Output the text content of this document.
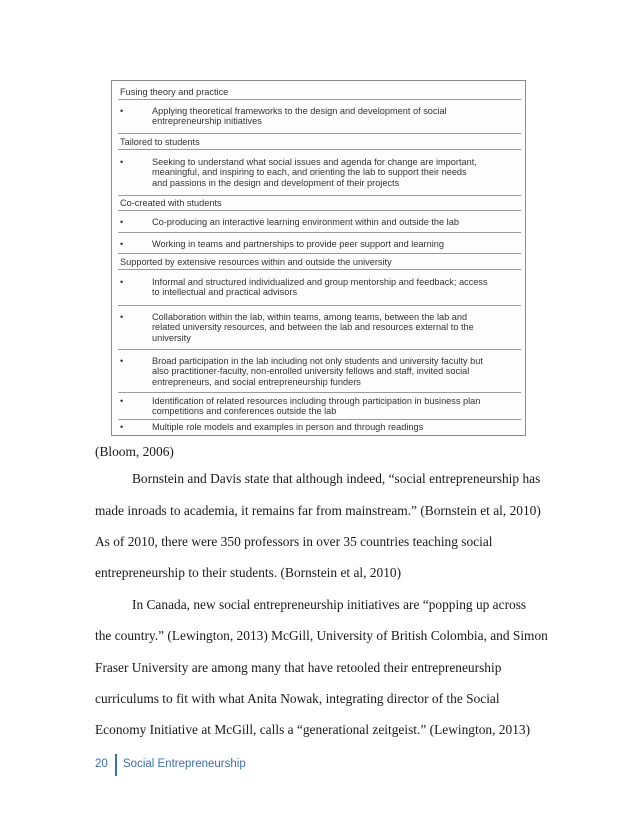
Fusing theory and practice
•	Applying theoretical frameworks to the design and development of social
entrepreneurship initiatives
Tailored to students
•	Seeking to understand what social issues and agenda for change are important,
meaningful, and inspiring to each, and orienting the lab to support their needs
and passions in the design and development of their projects
Co-created with students
•	Co-producing an interactive learning environment within and outside the lab
•	Working in teams and partnerships to provide peer support and learning
Supported by extensive resources within and outside the university
•	Informal and structured individualized and group mentorship and feedback; access
to intellectual and practical advisors
•	Collaboration within the lab, within teams, among teams, between the lab and
related university resources, and between the lab and resources external to the
university
•	Broad participation in the lab including not only students and university faculty but
also practitioner-faculty, non-enrolled university fellows and staff, invited social
entrepreneurs, and social entrepreneurship funders
•	Identification of related resources including through participation in business plan
competitions and conferences outside the lab
•	Multiple role models and examples in person and through readings
(Bloom, 2006)
Bornstein and Davis state that although indeed, “social entrepreneurship has
made inroads to academia, it remains far from mainstream.” (Bornstein et al, 2010)
As of 2010, there were 350 professors in over 35 countries teaching social
entrepreneurship to their students. (Bornstein et al, 2010)
In Canada, new social entrepreneurship initiatives are “popping up across
the country.” (Lewington, 2013) McGill, University of British Colombia, and Simon
Fraser University are among many that have retooled their entrepreneurship
curriculums to fit with what Anita Nowak, integrating director of the Social
Economy Initiative at McGill, calls a “generational zeitgeist.” (Lewington, 2013)
20 Social Entrepreneurship
